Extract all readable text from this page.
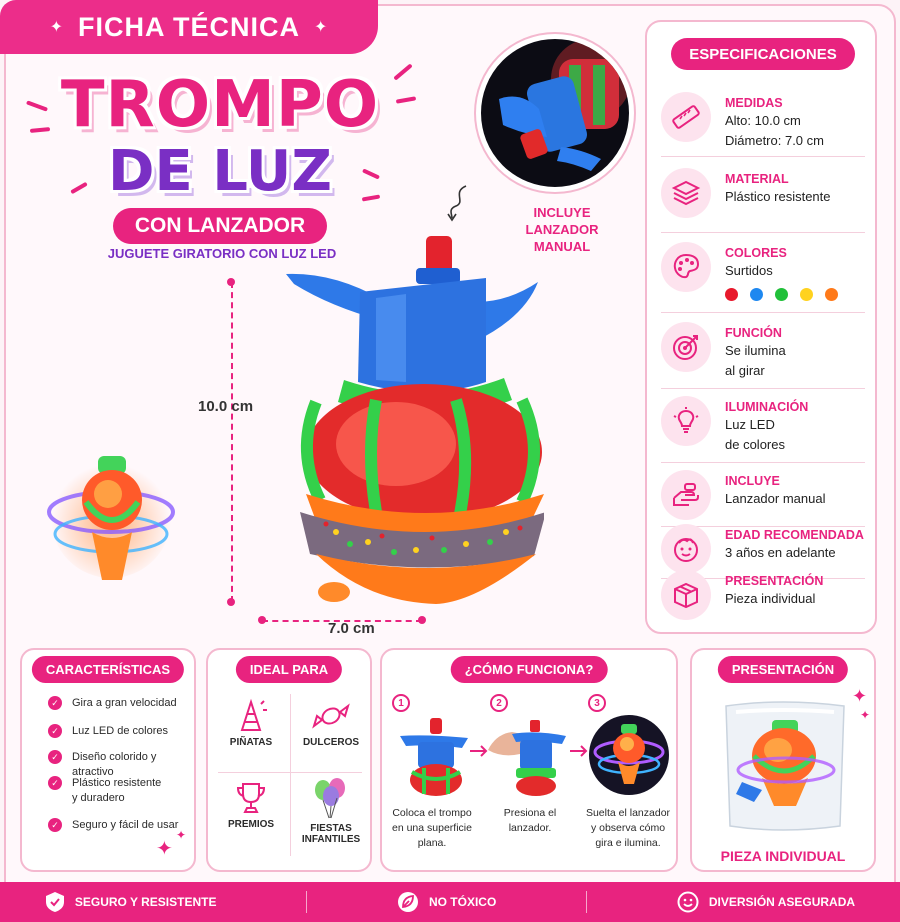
✦ FICHA TÉCNICA ✦
TROMPO
DE LUZ
CON LANZADOR
JUGUETE GIRATORIO CON LUZ LED
INCLUYE LANZADOR MANUAL
10.0 cm
7.0 cm
ESPECIFICACIONES
MEDIDAS
Alto: 10.0 cm
Diámetro: 7.0 cm
MATERIAL
Plástico resistente
COLORES
Surtidos
FUNCIÓN
Se ilumina
al girar
ILUMINACIÓN
Luz LED
de colores
INCLUYE
Lanzador manual
EDAD RECOMENDADA
3 años en adelante
PRESENTACIÓN
Pieza individual
CARACTERÍSTICAS
✓ Gira a gran velocidad
✓ Luz LED de colores
✓ Diseño colorido y atractivo
✓ Plástico resistente
y duradero
✓ Seguro y fácil de usar
✦
✦
IDEAL PARA
PIÑATAS	DULCEROS
PREMIOS	FIESTAS
INFANTILES
¿CÓMO FUNCIONA?
1	2	3
Coloca el trompo
en una superficie
plana.
Presiona el
lanzador.
Suelta el lanzador
y observa cómo
gira e ilumina.
PRESENTACIÓN
PIEZA INDIVIDUAL
✦
✦
SEGURO Y RESISTENTE	NO TÓXICO	DIVERSIÓN ASEGURADA
